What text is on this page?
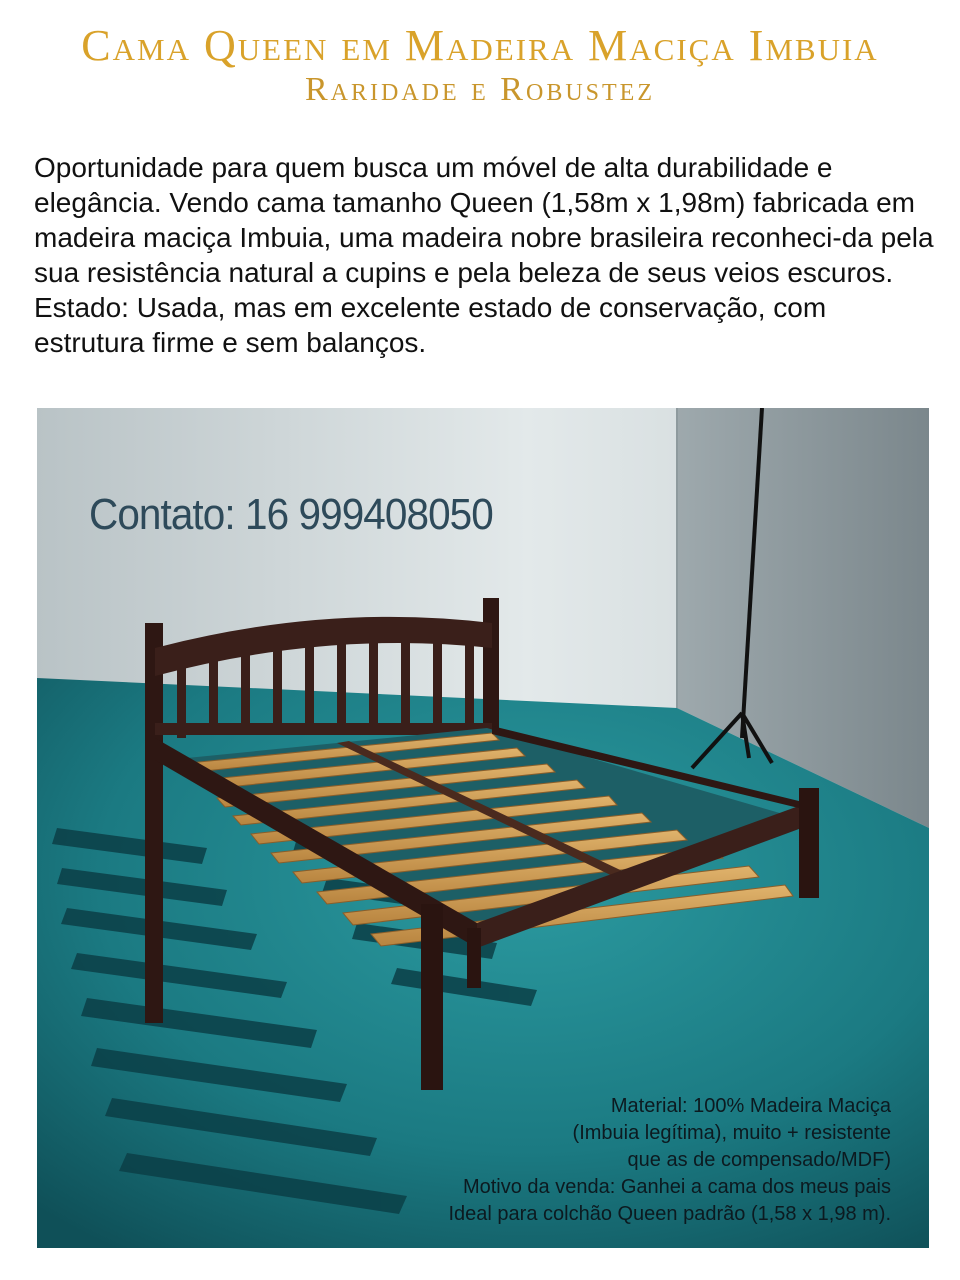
Cama Queen em Madeira Maciça Imbuia
Raridade e Robustez

Oportunidade para quem busca um móvel de alta durabilidade e elegância. Vendo cama tamanho Queen (1,58m x 1,98m) fabricada em madeira maciça Imbuia, uma madeira nobre brasileira reconheci-da pela sua resistência natural a cupins e pela beleza de seus veios escuros.

Estado: Usada, mas em excelente estado de conservação, com estrutura firme e sem balanços.

Contato: 16 999408050
Material: 100% Madeira Maciça
(Imbuia legítima), muito + resistente
que as de compensado/MDF)
Motivo da venda: Ganhei a cama dos meus pais
Ideal para colchão Queen padrão (1,58 x 1,98 m).
